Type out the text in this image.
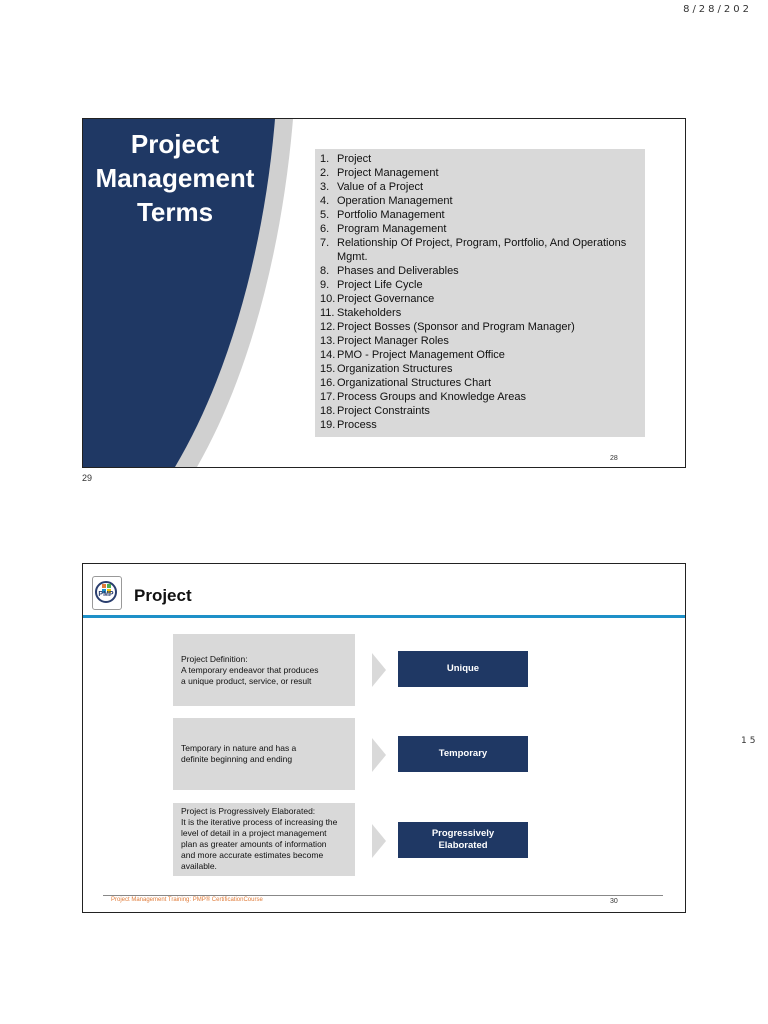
8/28/202
15
Project
Management
Terms
1. Project
2. Project Management
3. Value of a Project
4. Operation Management
5. Portfolio Management
6. Program Management
7. Relationship Of Project, Program, Portfolio, And Operations Mgmt.
8. Phases and Deliverables
9. Project Life Cycle
10. Project Governance
11. Stakeholders
12. Project Bosses (Sponsor and Program Manager)
13. Project Manager Roles
14. PMO - Project Management Office
15. Organization Structures
16. Organizational Structures Chart
17. Process Groups and Knowledge Areas
18. Project Constraints
19. Process
28
29
PMP	Project
Project Definition:
A temporary endeavor that produces
a unique product, service, or result
Unique
Temporary in nature and has a
definite beginning and ending	Temporary
Project is Progressively Elaborated:
It is the iterative process of increasing the
level of detail in a project management
plan as greater amounts of information
and more accurate estimates become
available.
Progressively
Elaborated
Project Management Training: PMP® CertificationCourse	30
